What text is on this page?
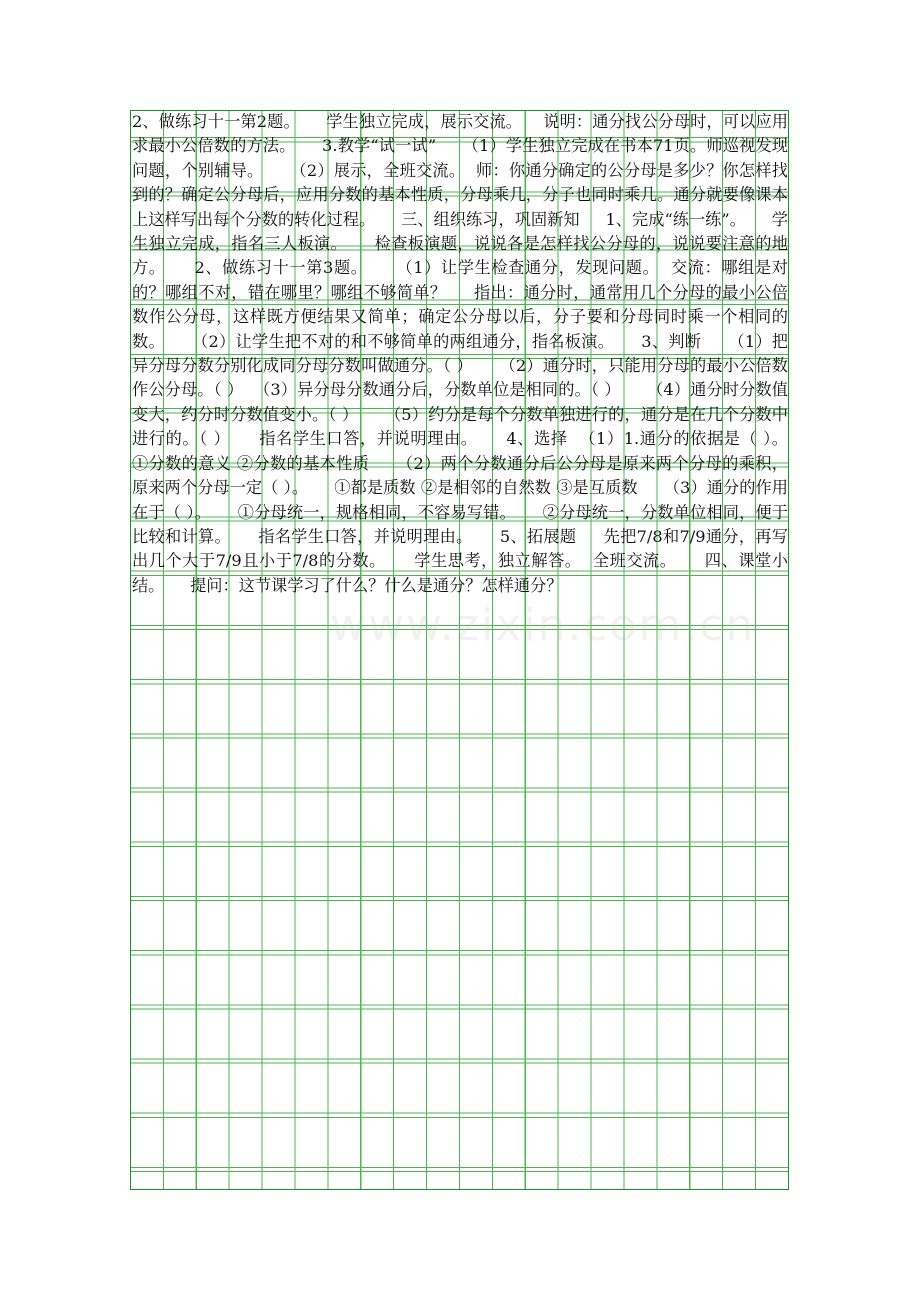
2、做练习十一第2题。     学生独立完成，展示交流。    说明：通分找公分母时，可以应用求最小公倍数的方法。     3.教学“试一试”     （1）学生独立完成在书本71页。师巡视发现问题，个别辅导。     （2）展示，全班交流。  师：你通分确定的公分母是多少？你怎样找到的？确定公分母后，应用分数的基本性质，分母乘几，分子也同时乘几。通分就要像课本上这样写出每个分数的转化过程。     三、组织练习，巩固新知     1、完成“练一练”。     学生独立完成，指名三人板演。     检查板演题，说说各是怎样找公分母的，说说要注意的地方。     2、做练习十一第3题。     （1）让学生检查通分，发现问题。  交流：哪组是对的？哪组不对，错在哪里？哪组不够简单？     指出：通分时，通常用几个分母的最小公倍数作公分母，这样既方便结果又简单；确定公分母以后，分子要和分母同时乘一个相同的数。     （2）让学生把不对的和不够简单的两组通分，指名板演。     3、判断     （1）把异分母分数分别化成同分母分数叫做通分。（ ）     （2）通分时，只能用分母的最小公倍数作公分母。（ ）  （3）异分母分数通分后，分数单位是相同的。（ ）     （4）通分时分数值变大，约分时分数值变小。（ ）     （5）约分是每个分数单独进行的，通分是在几个分数中进行的。（ ）     指名学生口答，并说明理由。     4、选择  （1）1.通分的依据是（ ）。     ①分数的意义 ②分数的基本性质     （2）两个分数通分后公分母是原来两个分母的乘积，原来两个分母一定（ ）。     ①都是质数 ②是相邻的自然数 ③是互质数     （3）通分的作用在于（ ）。     ①分母统一，规格相同，不容易写错。     ②分母统一，分数单位相同，便于比较和计算。     指名学生口答，并说明理由。     5、拓展题     先把7/8和7/9通分，再写出几个大于7/9且小于7/8的分数。     学生思考，独立解答。  全班交流。     四、课堂小结。     提问：这节课学习了什么？什么是通分？怎样通分？
